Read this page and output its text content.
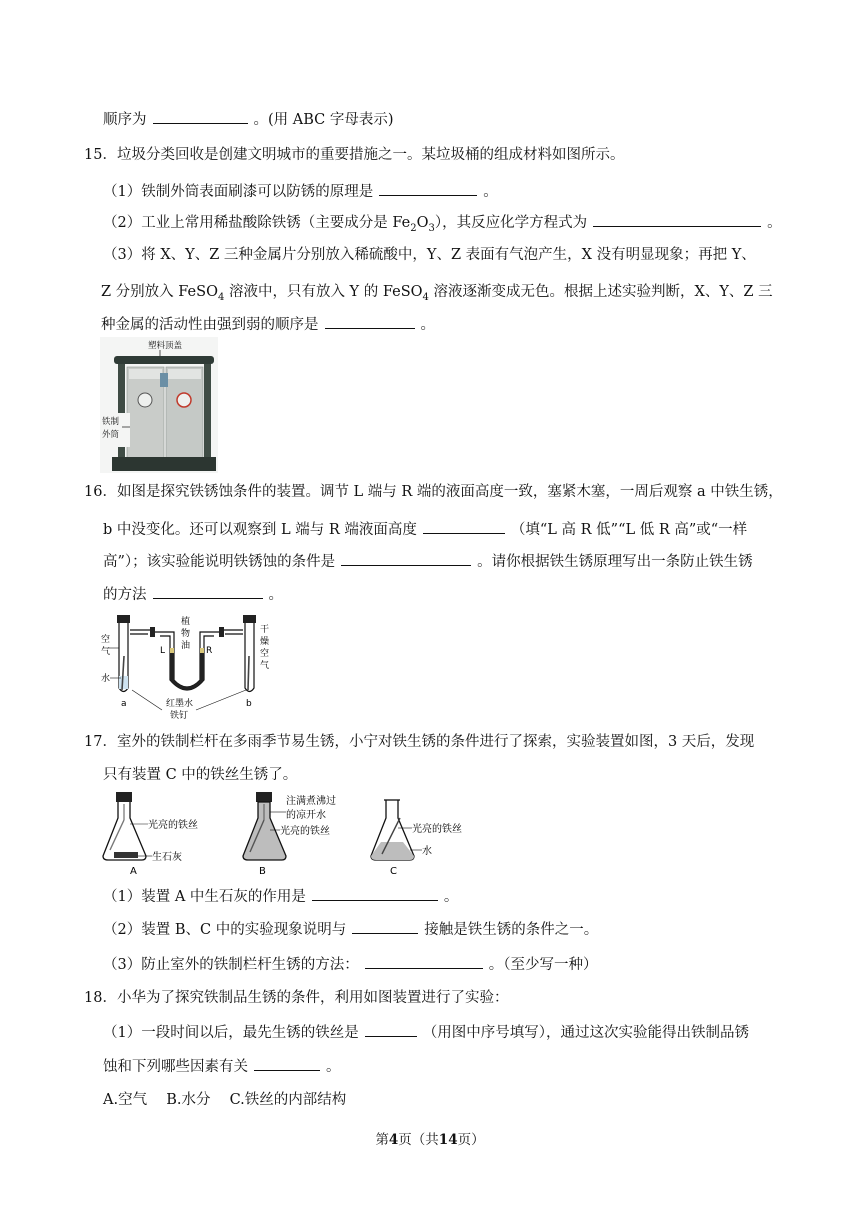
顺序为	。(用 ABC 字母表示)
15．垃圾分类回收是创建文明城市的重要措施之一。某垃圾桶的组成材料如图所示。
（1）铁制外筒表面刷漆可以防锈的原理是	。
（2）工业上常用稀盐酸除铁锈（主要成分是 $Fe_2O_3$），其反应化学方程式为	。
（3）将 X、Y、Z 三种金属片分别放入稀硫酸中，Y、Z 表面有气泡产生，X 没有明显现象；再把 Y、
Z 分别放入 FeSO$_4$ 溶液中，只有放入 Y 的 FeSO$_4$ 溶液逐渐变成无色。根据上述实验判断，X、Y、Z 三
种金属的活动性由强到弱的顺序是	。
塑料顶盖
铁制
外筒
16．如图是探究铁锈蚀条件的装置。调节 L 端与 R 端的液面高度一致，塞紧木塞，一周后观察 a 中铁生锈，
b 中没变化。还可以观察到 L 端与 R 端液面高度	（填“L 高 R 低”“L 低 R 高”或“一样
高”）；该实验能说明铁锈蚀的条件是	。请你根据铁生锈原理写出一条防止铁生锈
的方法	。
空
气
水
干
燥
空
气
植
物
油
L	R
红墨水
铁钉
a	b
17．室外的铁制栏杆在多雨季节易生锈，小宁对铁生锈的条件进行了探索，实验装置如图，3 天后，发现
只有装置 C 中的铁丝生锈了。
光亮的铁丝
生石灰
A
注满煮沸过
的凉开水
光亮的铁丝
B
光亮的铁丝
水
C
（1）装置 A 中生石灰的作用是	。
（2）装置 B、C 中的实验现象说明与	接触是铁生锈的条件之一。
（3）防止室外的铁制栏杆生锈的方法：	。（至少写一种）
18．小华为了探究铁制品生锈的条件，利用如图装置进行了实验：
（1）一段时间以后，最先生锈的铁丝是	（用图中序号填写），通过这次实验能得出铁制品锈
蚀和下列哪些因素有关	。
A.空气　 B.水分　 C.铁丝的内部结构
第4页（共14页）
